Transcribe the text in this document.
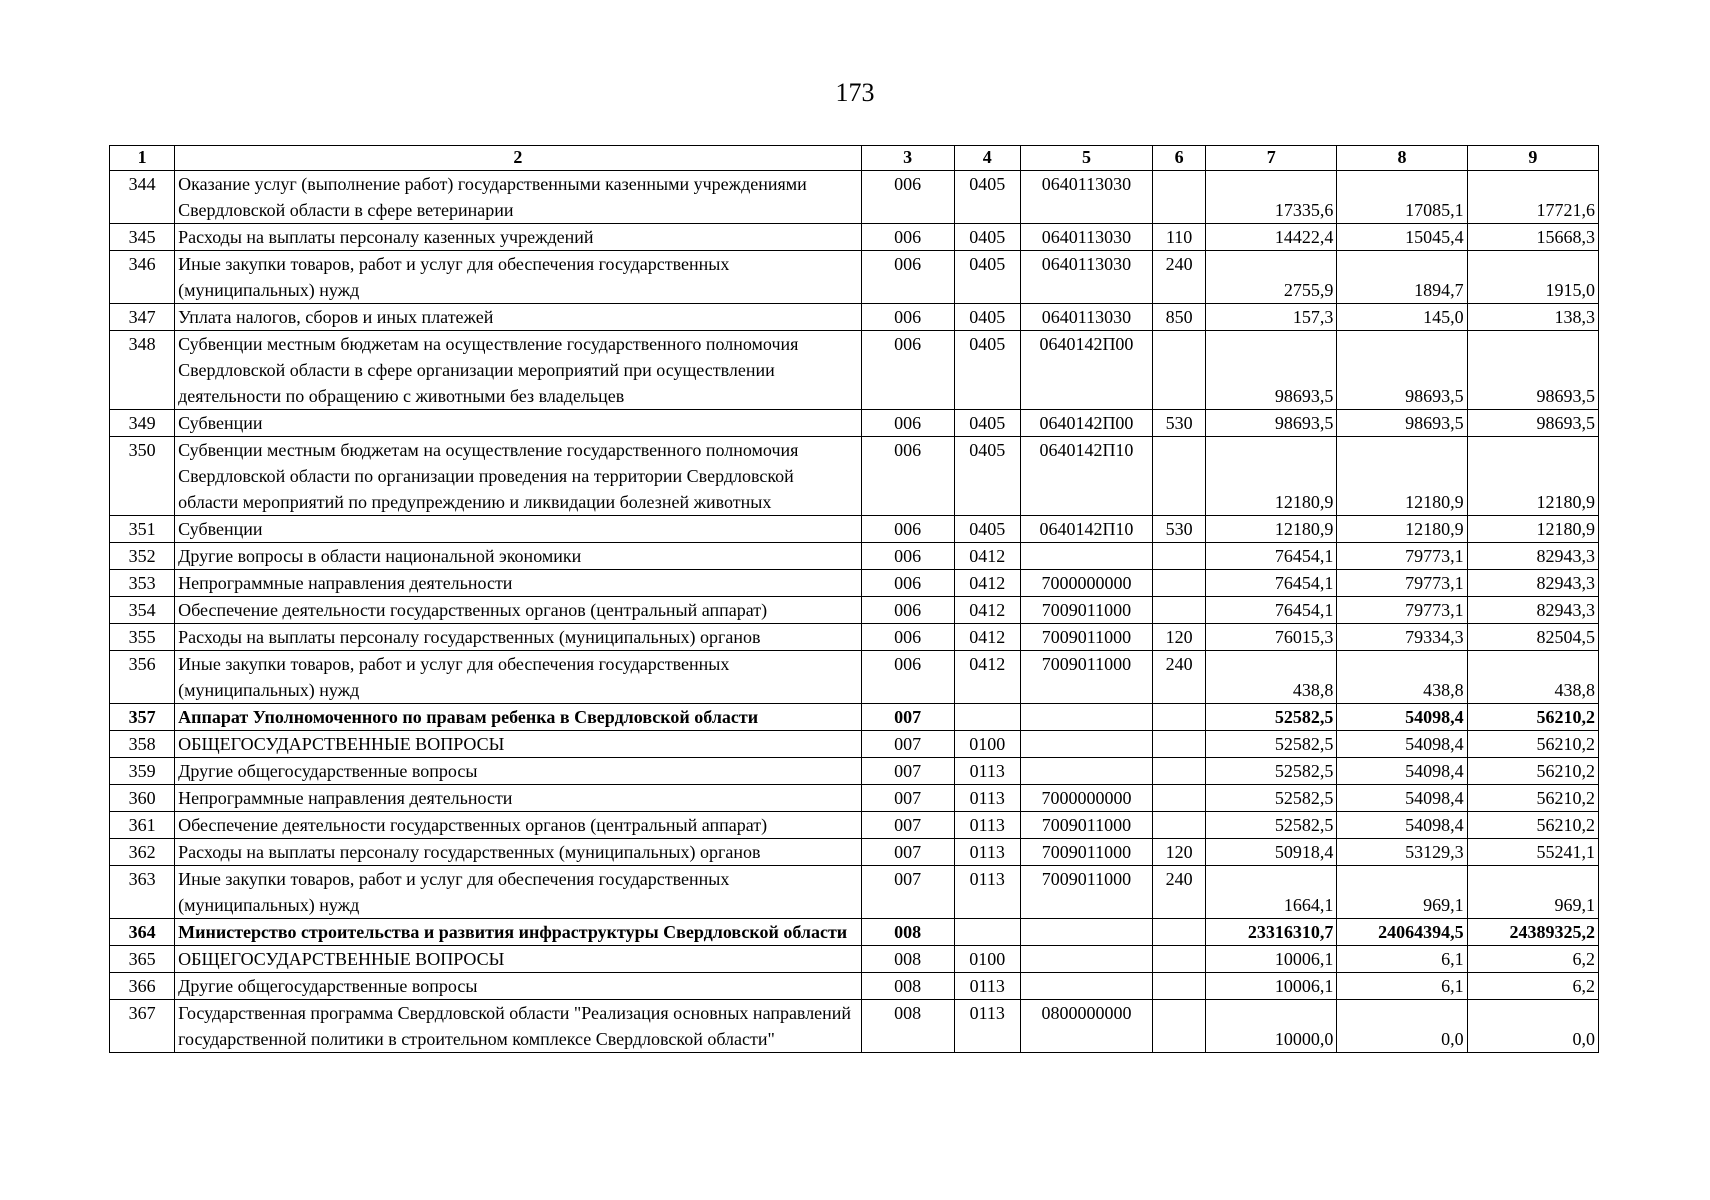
173
1	2	3	4	5	6	7	8	9
344	Оказание услуг (выполнение работ) государственными казенными учреждениями Свердловской области в сфере ветеринарии	006	0405	0640113030		17335,6	17085,1	17721,6
345	Расходы на выплаты персоналу казенных учреждений	006	0405	0640113030	110	14422,4	15045,4	15668,3
346	Иные закупки товаров, работ и услуг для обеспечения государственных (муниципальных) нужд	006	0405	0640113030	240	2755,9	1894,7	1915,0
347	Уплата налогов, сборов и иных платежей	006	0405	0640113030	850	157,3	145,0	138,3
348	Субвенции местным бюджетам на осуществление государственного полномочия Свердловской области в сфере организации мероприятий при осуществлении деятельности по обращению с животными без владельцев	006	0405	0640142П00		98693,5	98693,5	98693,5
349	Субвенции	006	0405	0640142П00	530	98693,5	98693,5	98693,5
350	Субвенции местным бюджетам на осуществление государственного полномочия Свердловской области по организации проведения на территории Свердловской области мероприятий по предупреждению и ликвидации болезней животных	006	0405	0640142П10		12180,9	12180,9	12180,9
351	Субвенции	006	0405	0640142П10	530	12180,9	12180,9	12180,9
352	Другие вопросы в области национальной экономики	006	0412			76454,1	79773,1	82943,3
353	Непрограммные направления деятельности	006	0412	7000000000		76454,1	79773,1	82943,3
354	Обеспечение деятельности государственных органов (центральный аппарат)	006	0412	7009011000		76454,1	79773,1	82943,3
355	Расходы на выплаты персоналу государственных (муниципальных) органов	006	0412	7009011000	120	76015,3	79334,3	82504,5
356	Иные закупки товаров, работ и услуг для обеспечения государственных (муниципальных) нужд	006	0412	7009011000	240	438,8	438,8	438,8
357	Аппарат Уполномоченного по правам ребенка в Свердловской области	007				52582,5	54098,4	56210,2
358	ОБЩЕГОСУДАРСТВЕННЫЕ ВОПРОСЫ	007	0100			52582,5	54098,4	56210,2
359	Другие общегосударственные вопросы	007	0113			52582,5	54098,4	56210,2
360	Непрограммные направления деятельности	007	0113	7000000000		52582,5	54098,4	56210,2
361	Обеспечение деятельности государственных органов (центральный аппарат)	007	0113	7009011000		52582,5	54098,4	56210,2
362	Расходы на выплаты персоналу государственных (муниципальных) органов	007	0113	7009011000	120	50918,4	53129,3	55241,1
363	Иные закупки товаров, работ и услуг для обеспечения государственных (муниципальных) нужд	007	0113	7009011000	240	1664,1	969,1	969,1
364	Министерство строительства и развития инфраструктуры Свердловской области	008				23316310,7	24064394,5	24389325,2
365	ОБЩЕГОСУДАРСТВЕННЫЕ ВОПРОСЫ	008	0100			10006,1	6,1	6,2
366	Другие общегосударственные вопросы	008	0113			10006,1	6,1	6,2
367	Государственная программа Свердловской области "Реализация основных направлений государственной политики в строительном комплексе Свердловской области"	008	0113	0800000000		10000,0	0,0	0,0
